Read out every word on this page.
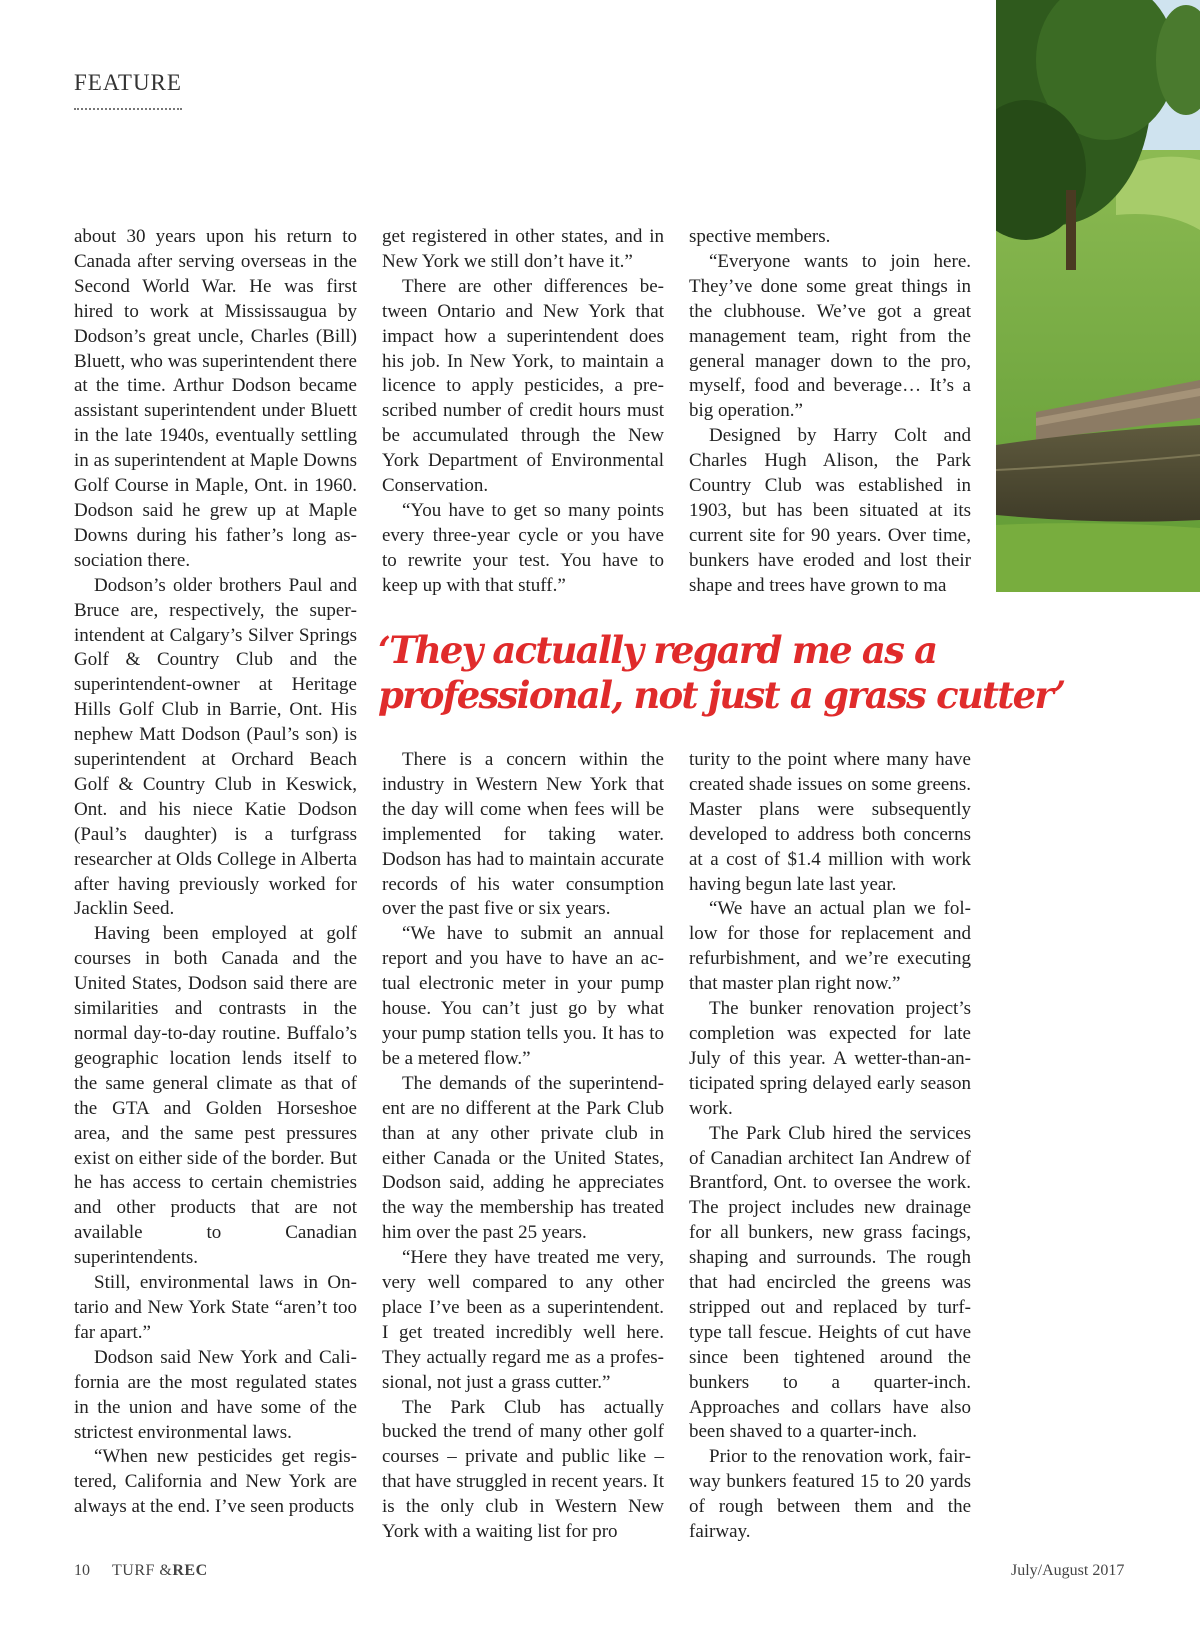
FEATURE

about 30 years upon his return to Canada after serving overseas in the Second World War. He was first hired to work at Mississaugua by Dodson’s great uncle, Charles (Bill) Bluett, who was superintendent there at the time. Arthur Dodson became assistant superintendent under Bluett in the late 1940s, eventually settling in as superintendent at Maple Downs Golf Course in Maple, Ont. in 1960. Dodson said he grew up at Maple Downs during his father’s long association there.

Dodson’s older brothers Paul and Bruce are, respectively, the superintendent at Calgary’s Silver Springs Golf & Country Club and the superintendent-owner at Heritage Hills Golf Club in Barrie, Ont. His nephew Matt Dodson (Paul’s son) is superintendent at Orchard Beach Golf & Country Club in Keswick, Ont. and his niece Katie Dodson (Paul’s daughter) is a turfgrass researcher at Olds College in Alberta after having previously worked for Jacklin Seed.

Having been employed at golf courses in both Canada and the United States, Dodson said there are similarities and contrasts in the normal day-to-day routine. Buffalo’s geographic location lends itself to the same general climate as that of the GTA and Golden Horseshoe area, and the same pest pressures exist on either side of the border. But he has access to certain chemistries and other products that are not available to Canadian superintendents.

Still, environmental laws in Ontario and New York State “aren’t too far apart.”

Dodson said New York and California are the most regulated states in the union and have some of the strictest environmental laws.

“When new pesticides get registered, California and New York are always at the end. I’ve seen products

get registered in other states, and in New York we still don’t have it.”

There are other differences between Ontario and New York that impact how a superintendent does his job. In New York, to maintain a licence to apply pesticides, a prescribed number of credit hours must be accumulated through the New York Department of Environmental Conservation.

“You have to get so many points every three-year cycle or you have to rewrite your test. You have to keep up with that stuff.”

spective members.

“Everyone wants to join here. They’ve done some great things in the clubhouse. We’ve got a great management team, right from the general manager down to the pro, myself, food and beverage… It’s a big operation.”

Designed by Harry Colt and Charles Hugh Alison, the Park Country Club was established in 1903, but has been situated at its current site for 90 years. Over time, bunkers have eroded and lost their shape and trees have grown to ma

‘They actually regard me as a professional, not just a grass cutter’

There is a concern within the industry in Western New York that the day will come when fees will be implemented for taking water. Dodson has had to maintain accurate records of his water consumption over the past five or six years.

“We have to submit an annual report and you have to have an actual electronic meter in your pump house. You can’t just go by what your pump station tells you. It has to be a metered flow.”

The demands of the superintendent are no different at the Park Club than at any other private club in either Canada or the United States, Dodson said, adding he appreciates the way the membership has treated him over the past 25 years.

“Here they have treated me very, very well compared to any other place I’ve been as a superintendent. I get treated incredibly well here. They actually regard me as a professional, not just a grass cutter.”

The Park Club has actually bucked the trend of many other golf courses – private and public like – that have struggled in recent years. It is the only club in Western New York with a waiting list for pro

turity to the point where many have created shade issues on some greens. Master plans were subsequently developed to address both concerns at a cost of $1.4 million with work having begun late last year.

“We have an actual plan we follow for those for replacement and refurbishment, and we’re executing that master plan right now.”

The bunker renovation project’s completion was expected for late July of this year. A wetter-than-anticipated spring delayed early season work.

The Park Club hired the services of Canadian architect Ian Andrew of Brantford, Ont. to oversee the work. The project includes new drainage for all bunkers, new grass facings, shaping and surrounds. The rough that had encircled the greens was stripped out and replaced by turf-type tall fescue. Heights of cut have since been tightened around the bunkers to a quarter-inch. Approaches and collars have also been shaved to a quarter-inch.

Prior to the renovation work, fairway bunkers featured 15 to 20 yards of rough between them and the fairway.

10 TURF &REC	July/August 2017
